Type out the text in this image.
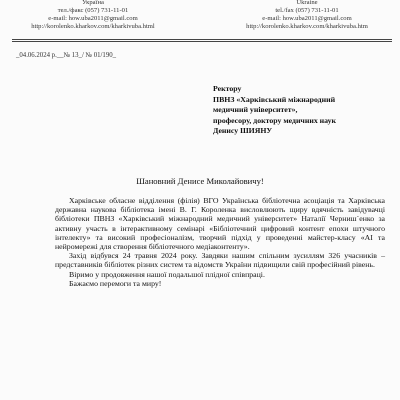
Україна
тел./факс (057) 731-11-01
e-mail: how.uba2011@gmail.com
http://korolenko.kharkov.com/kharkivuba.html
Ukraine
tel./fax (057) 731-11-01
e-mail: how.uba2011@gmail.com
http://korolenko.kharkov.com/kharkivuba.htm
_04.06.2024 р.__№ 13_/ № 01/190_
Ректору
ПВНЗ «Харківський міжнародний
медичний університет»,
професору, доктору медичних наук
Денису ШИЯНУ
Шановний Денисе Миколайовичу!

Харківське обласне відділення (філія) ВГО Українська бібліотечна асоціація та Харківська державна наукова бібліотека імені В. Г. Короленка висловлюють щиру вдячність завідувачці бібліотеки ПВНЗ «Харківський міжнародний медичний університет» Наталії Черниш`енко за активну участь в інтерактивному семінарі «Бібліотечний цифровий контент епохи штучного інтелекту» та високий професіоналізм, творчий підхід у проведенні майстер-класу «AI та нейромережі для створення бібліотечного медіаконтенту».

Захід відбувся 24 травня 2024 року. Завдяки нашим спільним зусиллям 326 учасників – представників бібліотек різних систем та відомств України підвищили свій професійний рівень.

Віримо у продовження нашої подальшої плідної співпраці.

Бажаємо перемоги та миру!
